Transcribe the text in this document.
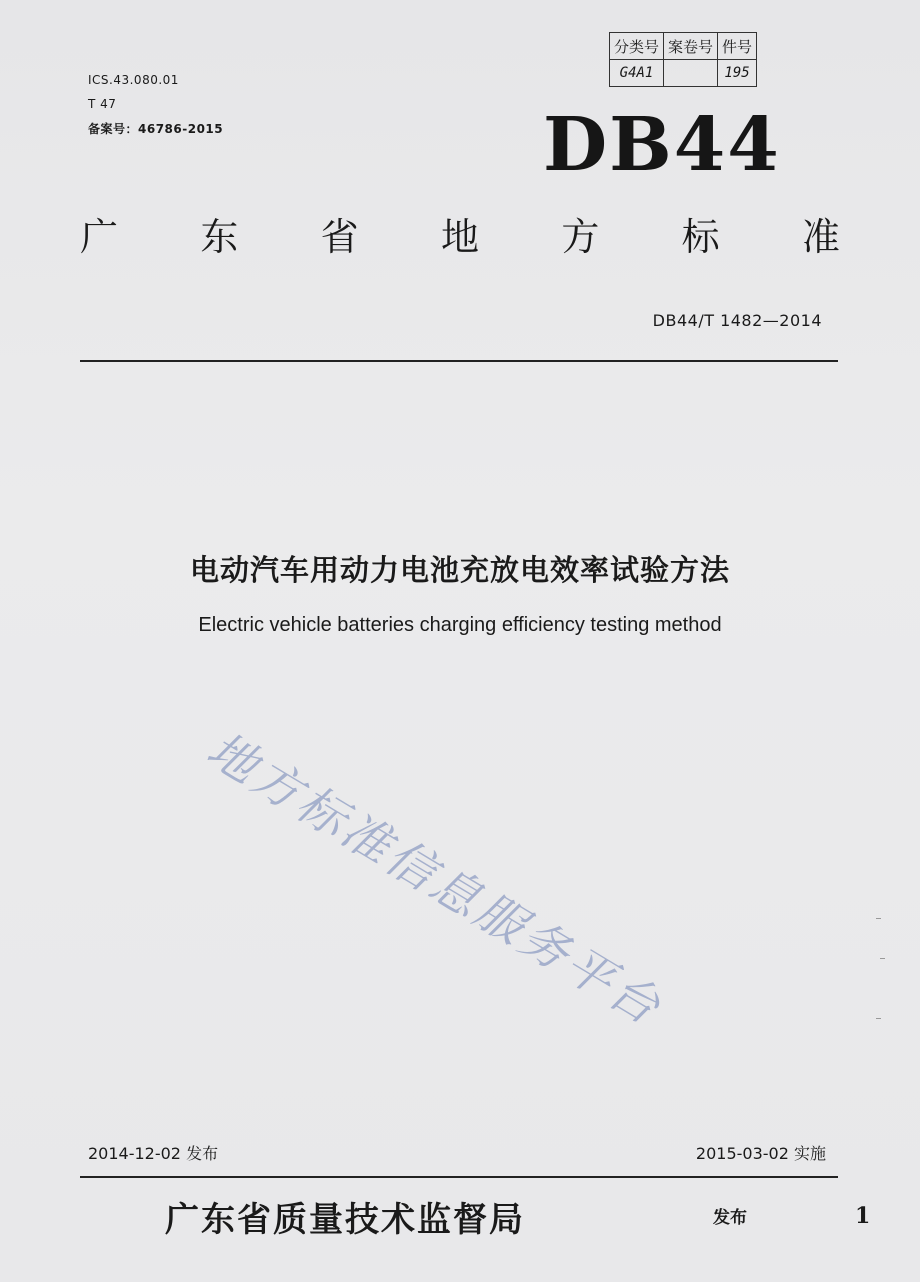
ICS.43.080.01
T 47
备案号：46786-2015
分类号	案卷号	件号
G4A1		195
DB44
广 东 省 地 方 标 准
DB44/T 1482—2014
电动汽车用动力电池充放电效率试验方法
Electric vehicle batteries charging efficiency testing method
地方标准信息服务平台
2014-12-02 发布	2015-03-02 实施
广东省质量技术监督局	发布	1
